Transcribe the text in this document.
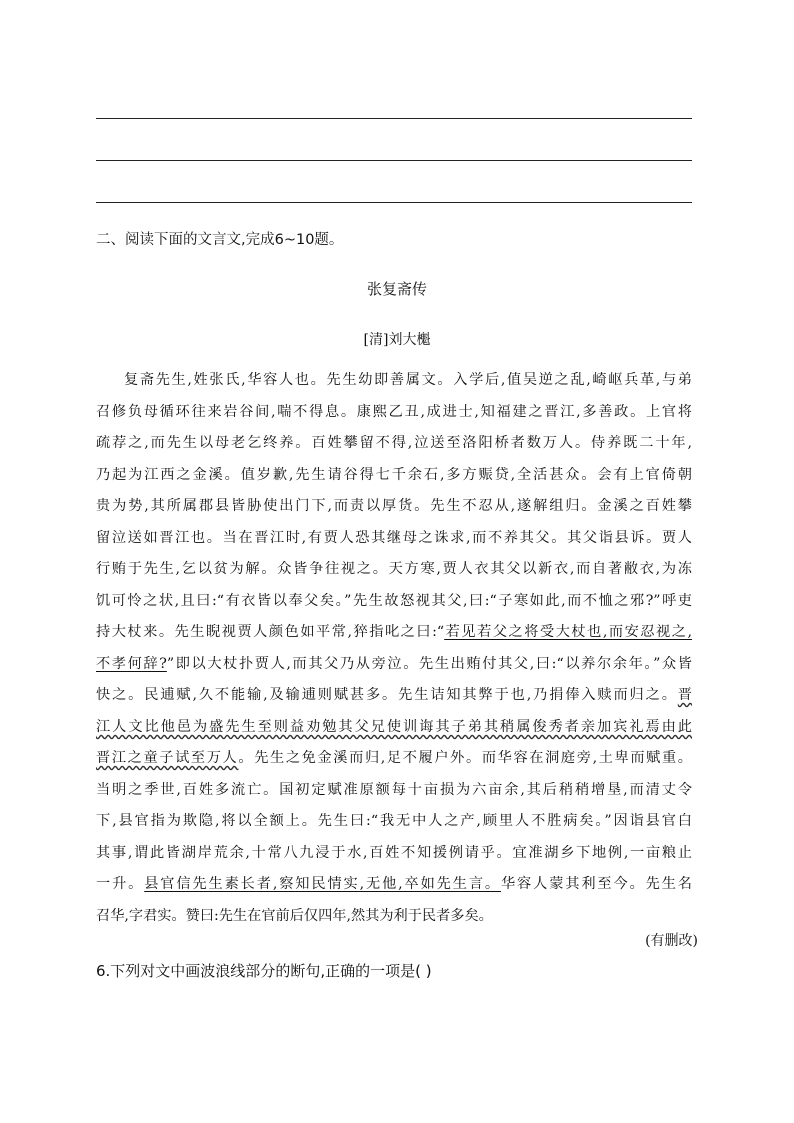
二、阅读下面的文言文,完成6~10题。
张复斋传
[清]刘大櫆
复斋先生,姓张氏,华容人也。先生幼即善属文。入学后,值吴逆之乱,崎岖兵革,与弟
召修负母循环往来岩谷间,喘不得息。康熙乙丑,成进士,知福建之晋江,多善政。上官将
疏荐之,而先生以母老乞终养。百姓攀留不得,泣送至洛阳桥者数万人。侍养既二十年,
乃起为江西之金溪。值岁歉,先生请谷得七千余石,多方赈贷,全活甚众。会有上官倚朝
贵为势,其所属郡县皆胁使出门下,而责以厚货。先生不忍从,遂解组归。金溪之百姓攀
留泣送如晋江也。当在晋江时,有贾人恐其继母之诛求,而不养其父。其父诣县诉。贾人
行贿于先生,乞以贫为解。众皆争往视之。天方寒,贾人衣其父以新衣,而自著敝衣,为冻
饥可怜之状,且曰:“有衣皆以奉父矣。”先生故怒视其父,曰:“子寒如此,而不恤之邪?”呼吏
持大杖来。先生睨视贾人颜色如平常,猝指叱之曰:“若见若父之将受大杖也,而安忍视之,
不孝何辞?”即以大杖扑贾人,而其父乃从旁泣。先生出贿付其父,曰:“以养尔余年。”众皆
快之。民逋赋,久不能输,及输逋则赋甚多。先生诘知其弊于也,乃捐俸入赎而归之。晋
江人文比他邑为盛先生至则益劝勉其父兄使训诲其子弟其稍属俊秀者亲加宾礼焉由此
晋江之童子试至万人。先生之免金溪而归,足不履户外。而华容在洞庭旁,土卑而赋重。
当明之季世,百姓多流亡。国初定赋准原额每十亩损为六亩余,其后稍稍增垦,而清丈令
下,县官指为欺隐,将以全额上。先生曰:“我无中人之产,顾里人不胜病矣。”因诣县官白
其事,谓此皆湖岸荒余,十常八九浸于水,百姓不知援例请乎。宜准湖乡下地例,一亩粮止
一升。县官信先生素长者,察知民情实,无他,卒如先生言。华容人蒙其利至今。先生名
召华,字君实。赞曰:先生在官前后仅四年,然其为利于民者多矣。
(有删改)
6.下列对文中画波浪线部分的断句,正确的一项是( )
